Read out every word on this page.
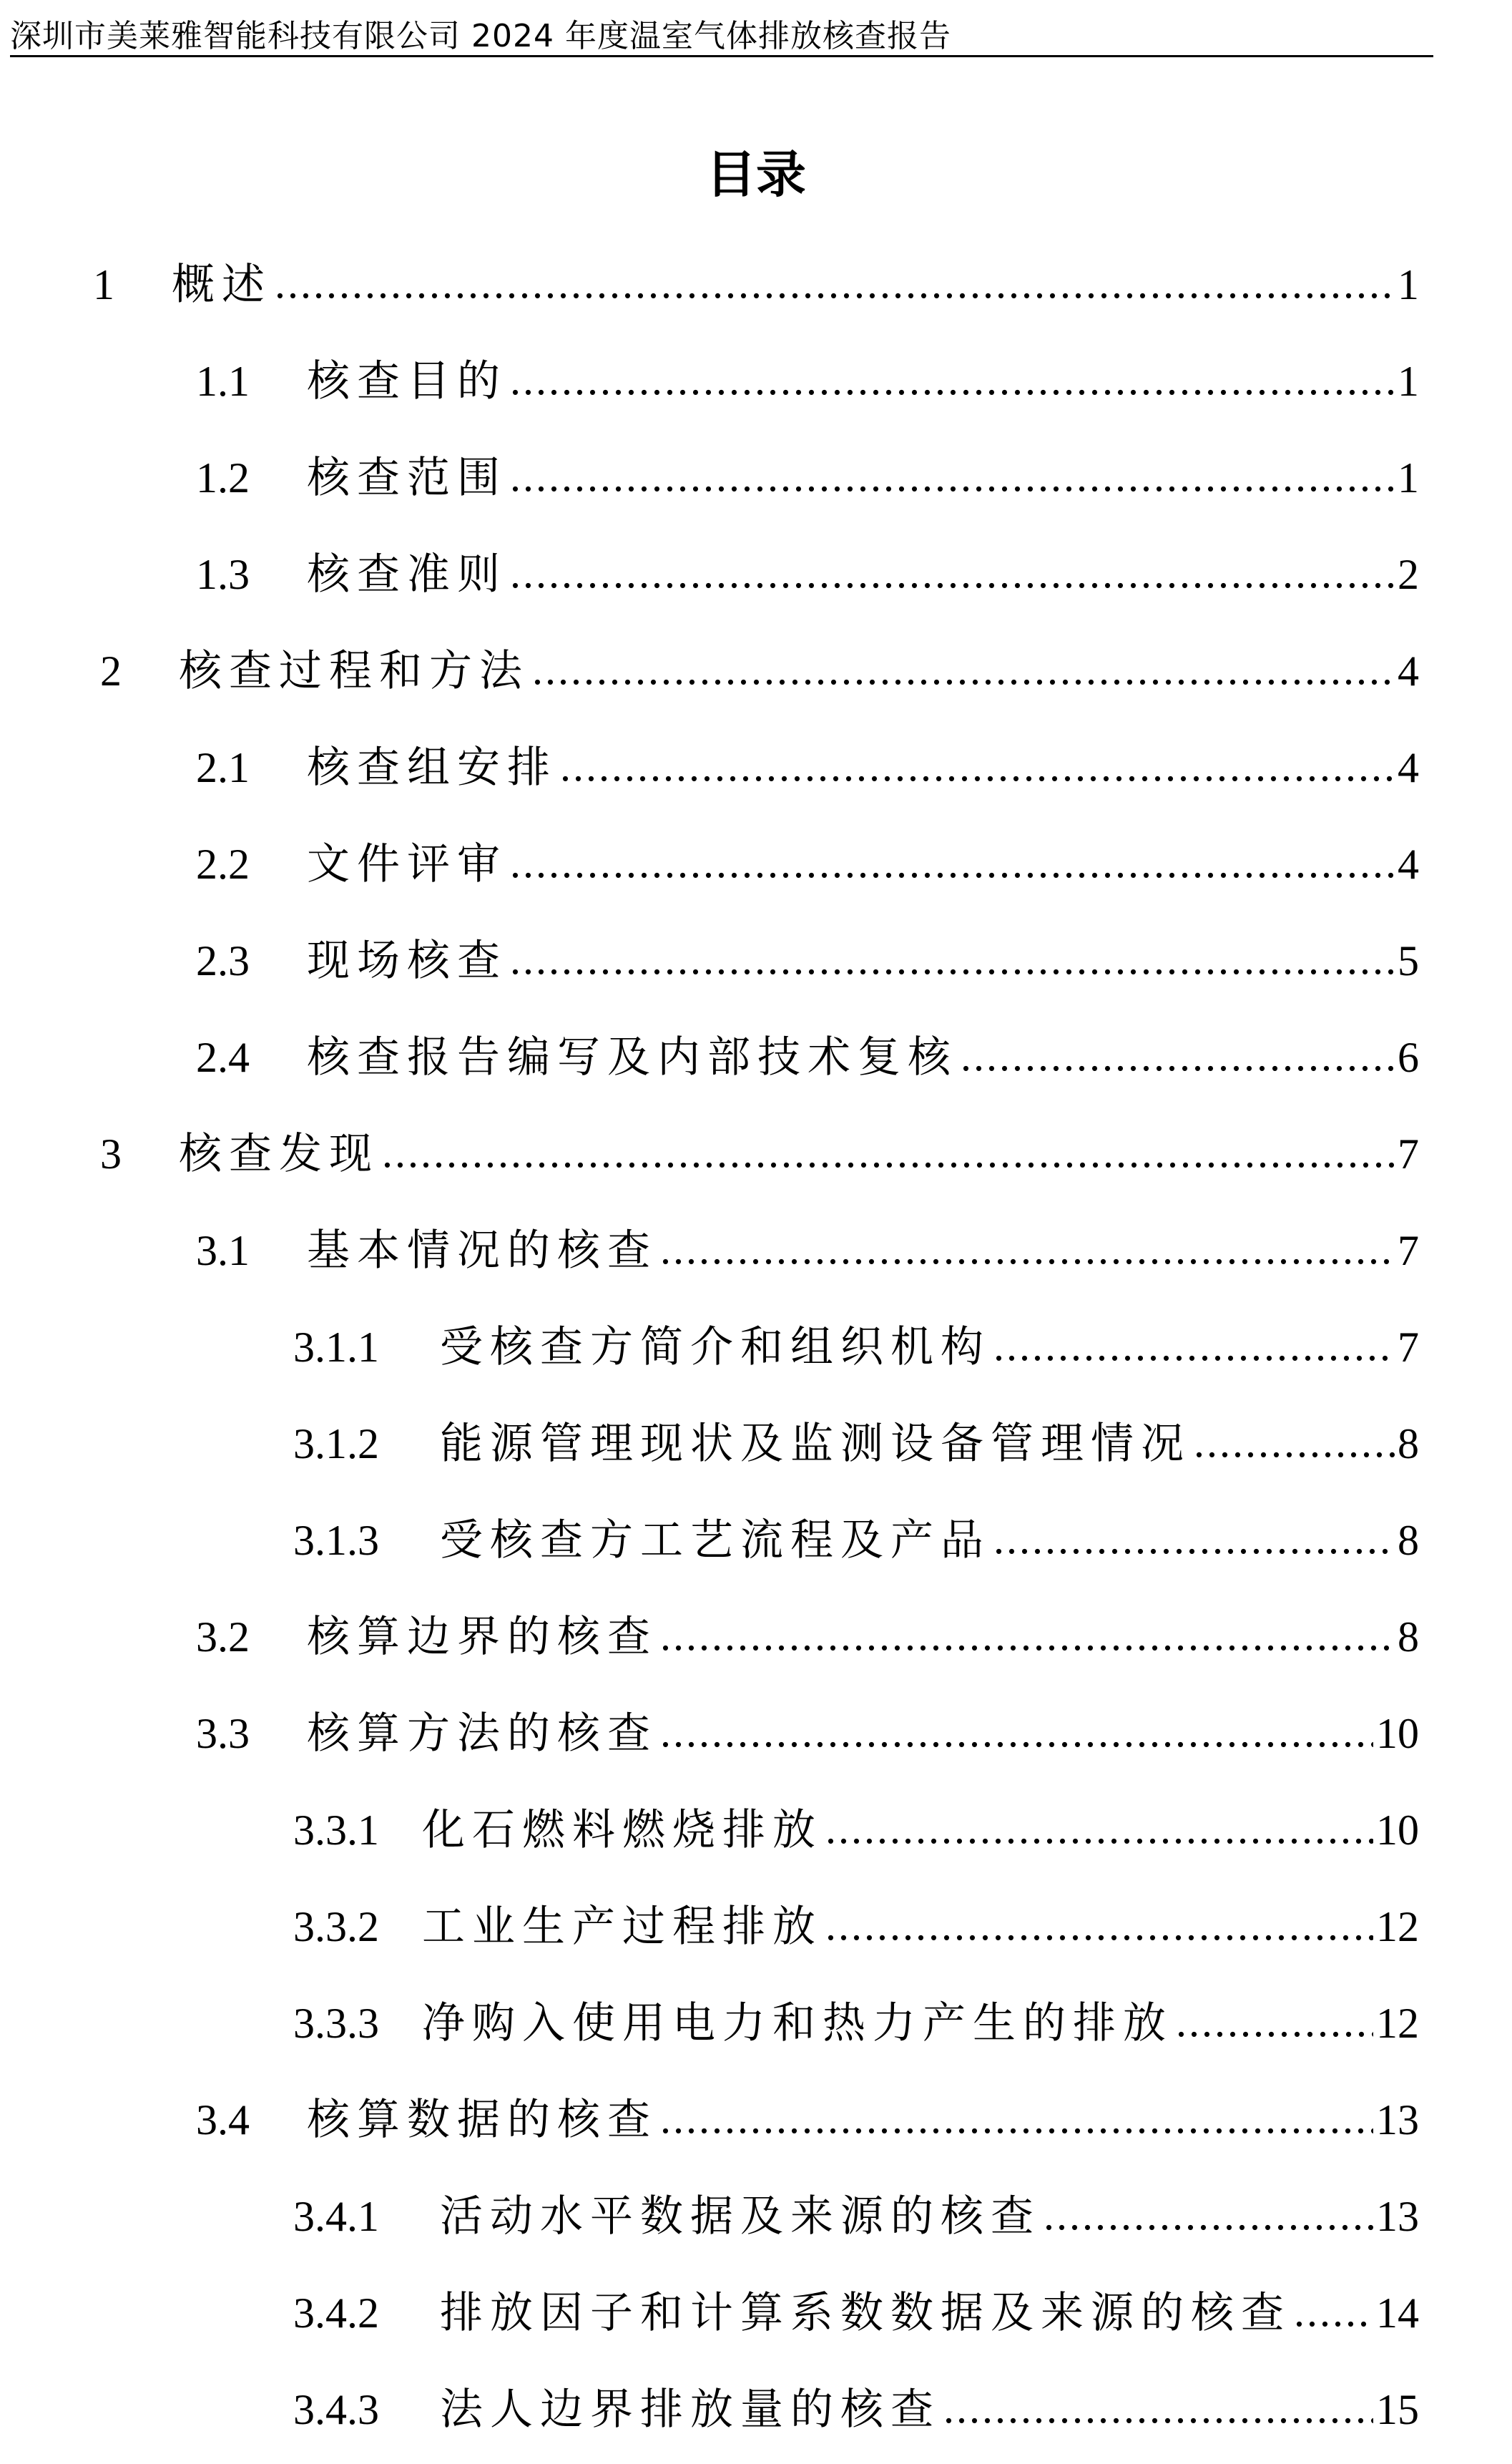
深圳市美莱雅智能科技有限公司 2024 年度温室气体排放核查报告
目录
1	概述 .....	1
1.1	核查目的 .....	1
1.2	核查范围 .....	1
1.3	核查准则 .....	2
2	核查过程和方法 .....	4
2.1	核查组安排 .....	4
2.2	文件评审 .....	4
2.3	现场核查 .....	5
2.4	核查报告编写及内部技术复核 .....	6
3	核查发现 .....	7
3.1	基本情况的核查 .....	7
3.1.1	受核查方简介和组织机构 .....	7
3.1.2	能源管理现状及监测设备管理情况 .....	8
3.1.3	受核查方工艺流程及产品 .....	8
3.2	核算边界的核查 .....	8
3.3	核算方法的核查 .....	10
3.3.1	化石燃料燃烧排放 .....	10
3.3.2	工业生产过程排放 .....	12
3.3.3	净购入使用电力和热力产生的排放 .....	12
3.4	核算数据的核查 .....	13
3.4.1	活动水平数据及来源的核查 .....	13
3.4.2	排放因子和计算系数数据及来源的核查 ..... 14
3.4.3	法人边界排放量的核查 .....	15
